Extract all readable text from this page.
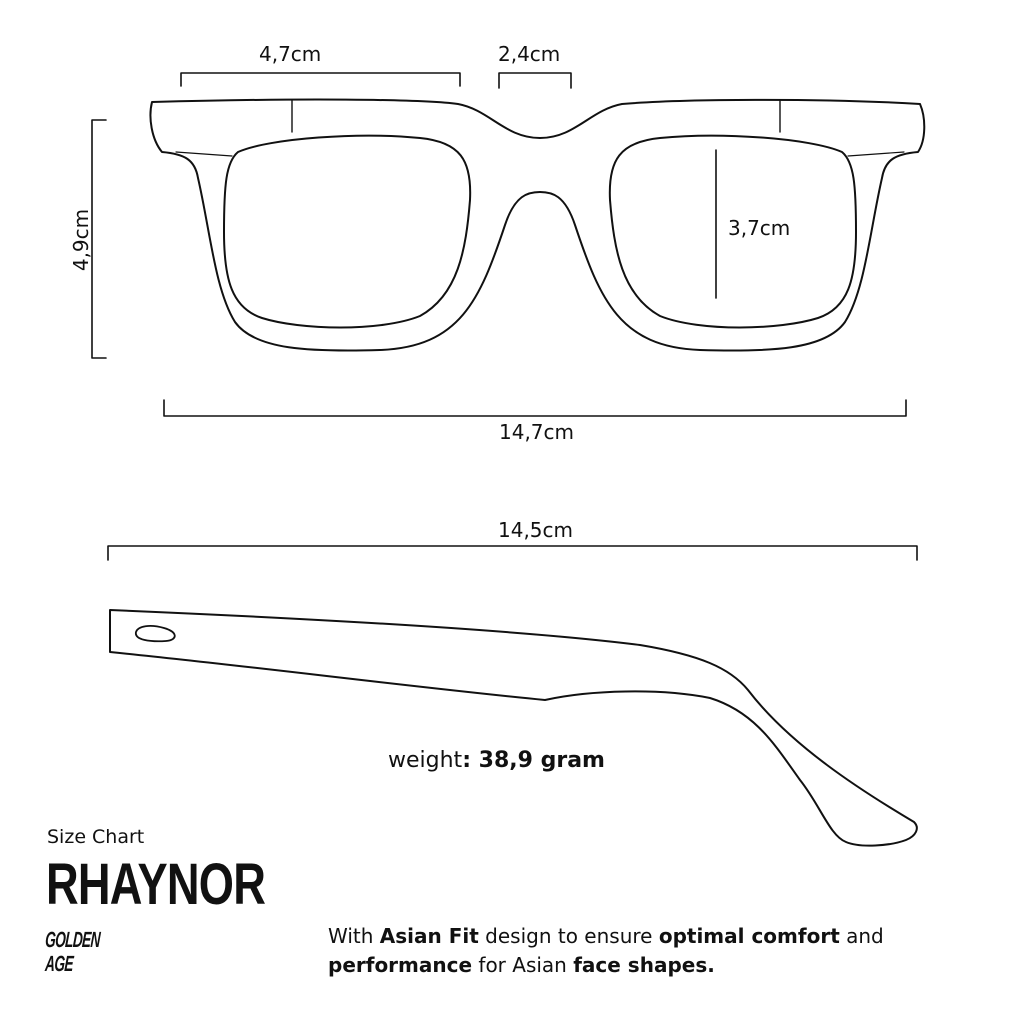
4,7cm	2,4cm
4,9cm	3,7cm
14,7cm
14,5cm
weight: 38,9 gram
Size Chart
RHAYNOR
GOLDEN
AGE
With Asian Fit design to ensure optimal comfort and
performance for Asian face shapes.
